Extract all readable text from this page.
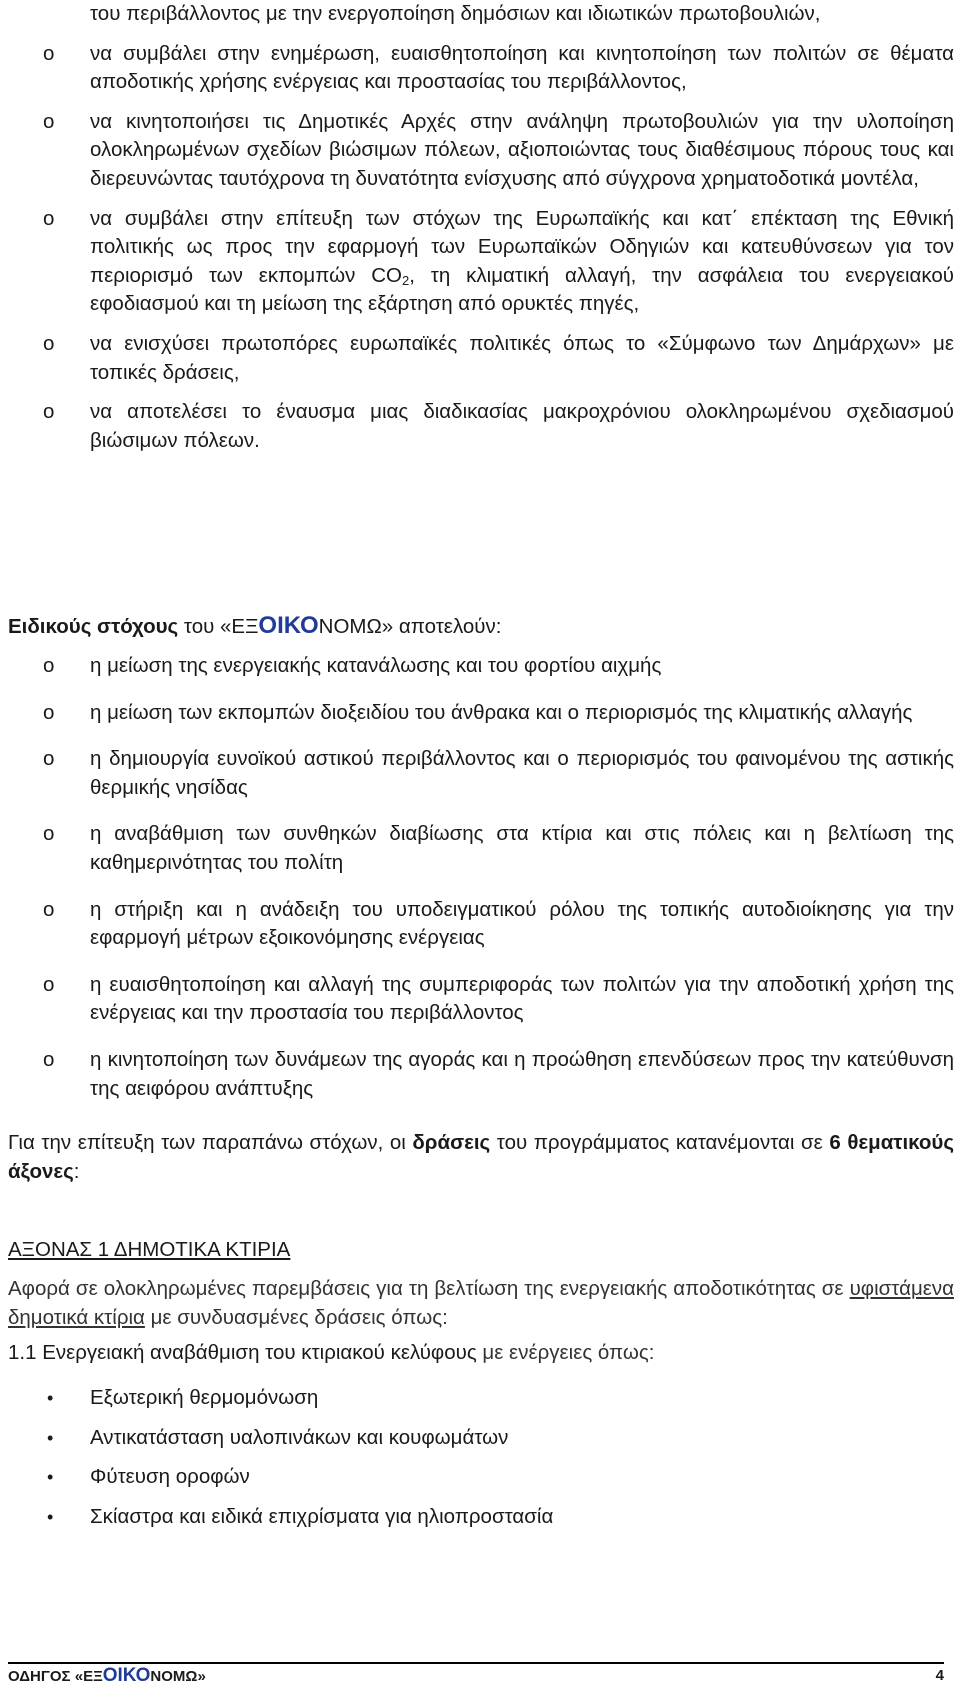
του περιβάλλοντος με την ενεργοποίηση δημόσιων και ιδιωτικών πρωτοβουλιών,
o να συμβάλει στην ενημέρωση, ευαισθητοποίηση και κινητοποίηση των πολιτών σε θέματα αποδοτικής χρήσης ενέργειας και προστασίας του περιβάλλοντος,
o να κινητοποιήσει τις Δημοτικές Αρχές στην ανάληψη πρωτοβουλιών για την υλοποίηση ολοκληρωμένων σχεδίων βιώσιμων πόλεων, αξιοποιώντας τους διαθέσιμους πόρους τους και διερευνώντας ταυτόχρονα τη δυνατότητα ενίσχυσης από σύγχρονα χρηματοδοτικά μοντέλα,
o να συμβάλει στην επίτευξη των στόχων της Ευρωπαϊκής και κατ΄ επέκταση της Εθνική πολιτικής ως προς την εφαρμογή των Ευρωπαϊκών Οδηγιών και κατευθύνσεων για τον περιορισμό των εκπομπών $CO_2$, τη κλιματική αλλαγή, την ασφάλεια του ενεργειακού εφοδιασμού και τη μείωση της εξάρτηση από ορυκτές πηγές,
o να ενισχύσει πρωτοπόρες ευρωπαϊκές πολιτικές όπως το «Σύμφωνο των Δημάρχων» με τοπικές δράσεις,
o να αποτελέσει το έναυσμα μιας διαδικασίας μακροχρόνιου ολοκληρωμένου σχεδιασμού βιώσιμων πόλεων.
Ειδικούς στόχους του «ΕΞΟΙΚΟΝΟΜΩ» αποτελούν:
o η μείωση της ενεργειακής κατανάλωσης και του φορτίου αιχμής
o η μείωση των εκπομπών διοξειδίου του άνθρακα και ο περιορισμός της κλιματικής αλλαγής
o η δημιουργία ευνοϊκού αστικού περιβάλλοντος και ο περιορισμός του φαινομένου της αστικής θερμικής νησίδας
o η αναβάθμιση των συνθηκών διαβίωσης στα κτίρια και στις πόλεις και η βελτίωση της καθημερινότητας του πολίτη
o η στήριξη και η ανάδειξη του υποδειγματικού ρόλου της τοπικής αυτοδιοίκησης για την εφαρμογή μέτρων εξοικονόμησης ενέργειας
o η ευαισθητοποίηση και αλλαγή της συμπεριφοράς των πολιτών για την αποδοτική χρήση της ενέργειας και την προστασία του περιβάλλοντος
o η κινητοποίηση των δυνάμεων της αγοράς και η προώθηση επενδύσεων προς την κατεύθυνση της αειφόρου ανάπτυξης
Για την επίτευξη των παραπάνω στόχων, οι δράσεις του προγράμματος κατανέμονται σε 6 θεματικούς άξονες:
ΑΞΟΝΑΣ 1 ΔΗΜΟΤΙΚΑ ΚΤΙΡΙΑ
Αφορά σε ολοκληρωμένες παρεμβάσεις για τη βελτίωση της ενεργειακής αποδοτικότητας σε υφιστάμενα δημοτικά κτίρια με συνδυασμένες δράσεις όπως:
1.1 Ενεργειακή αναβάθμιση του κτιριακού κελύφους με ενέργειες όπως:
• Εξωτερική θερμομόνωση
• Αντικατάσταση υαλοπινάκων και κουφωμάτων
• Φύτευση οροφών
• Σκίαστρα και ειδικά επιχρίσματα για ηλιοπροστασία
ΟΔΗΓΟΣ «ΕΞΟΙΚΟΝΟΜΩ»	4
